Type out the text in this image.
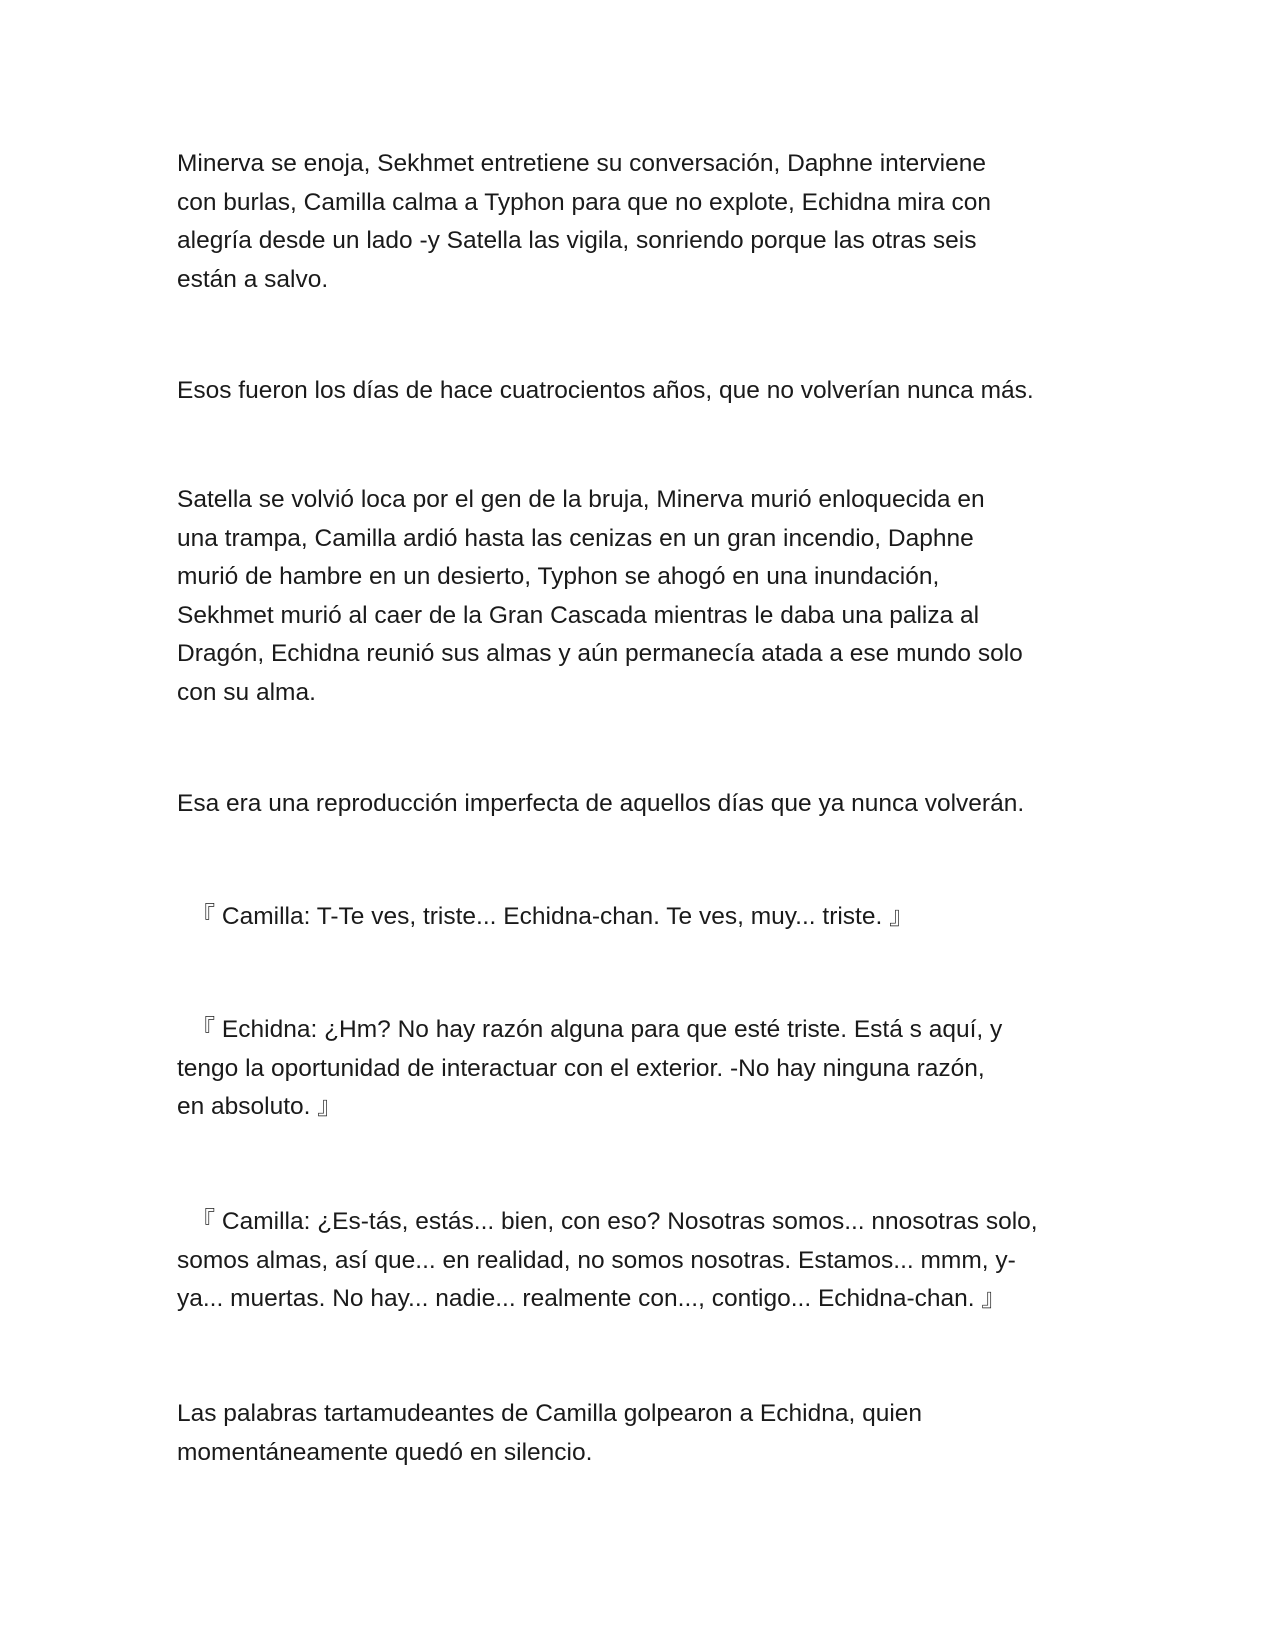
Minerva se enoja, Sekhmet entretiene su conversación, Daphne interviene
con burlas, Camilla calma a Typhon para que no explote, Echidna mira con
alegría desde un lado -y Satella las vigila, sonriendo porque las otras seis
están a salvo.

Esos fueron los días de hace cuatrocientos años, que no volverían nunca más.

Satella se volvió loca por el gen de la bruja, Minerva murió enloquecida en
una trampa, Camilla ardió hasta las cenizas en un gran incendio, Daphne
murió de hambre en un desierto, Typhon se ahogó en una inundación,
Sekhmet murió al caer de la Gran Cascada mientras le daba una paliza al
Dragón, Echidna reunió sus almas y aún permanecía atada a ese mundo solo
con su alma.

Esa era una reproducción imperfecta de aquellos días que ya nunca volverán.

『 Camilla: T-Te ves, triste... Echidna-chan. Te ves, muy... triste. 』

『 Echidna: ¿Hm? No hay razón alguna para que esté triste. Está s aquí, y
tengo la oportunidad de interactuar con el exterior. -No hay ninguna razón,
en absoluto. 』

『 Camilla: ¿Es-tás, estás... bien, con eso? Nosotras somos... nnosotras solo,
somos almas, así que... en realidad, no somos nosotras. Estamos... mmm, y-
ya... muertas. No hay... nadie... realmente con..., contigo... Echidna-chan. 』

Las palabras tartamudeantes de Camilla golpearon a Echidna, quien
momentáneamente quedó en silencio.
